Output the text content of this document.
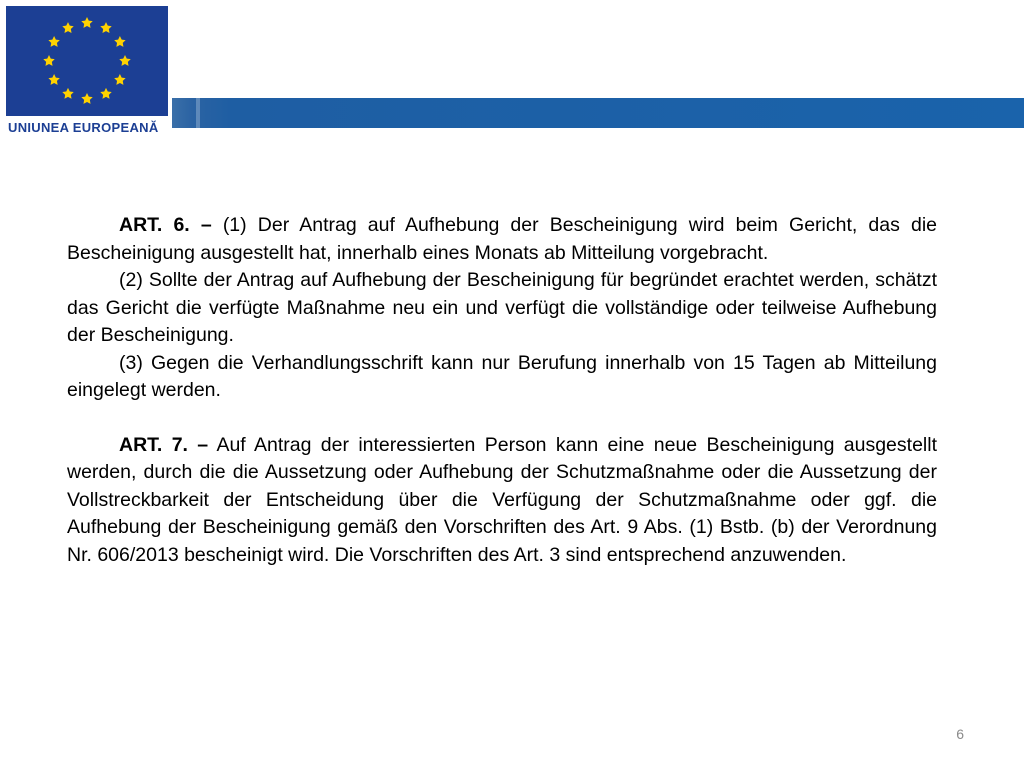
UNIUNEA EUROPEANĂ

ART. 6. – (1) Der Antrag auf Aufhebung der Bescheinigung wird beim Gericht, das die Bescheinigung ausgestellt hat, innerhalb eines Monats ab Mitteilung vorgebracht.

(2) Sollte der Antrag auf Aufhebung der Bescheinigung für begründet erachtet werden, schätzt das Gericht die verfügte Maßnahme neu ein und verfügt die vollständige oder teilweise Aufhebung der Bescheinigung.

(3) Gegen die Verhandlungsschrift kann nur Berufung innerhalb von 15 Tagen ab Mitteilung eingelegt werden.

ART. 7. – Auf Antrag der interessierten Person kann eine neue Bescheinigung ausgestellt werden, durch die die Aussetzung oder Aufhebung der Schutzmaßnahme oder die Aussetzung der Vollstreckbarkeit der Entscheidung über die Verfügung der Schutzmaßnahme oder ggf. die Aufhebung der Bescheinigung gemäß den Vorschriften des Art. 9 Abs. (1) Bstb. (b) der Verordnung Nr. 606/2013 bescheinigt wird. Die Vorschriften des Art. 3 sind entsprechend anzuwenden.

6
